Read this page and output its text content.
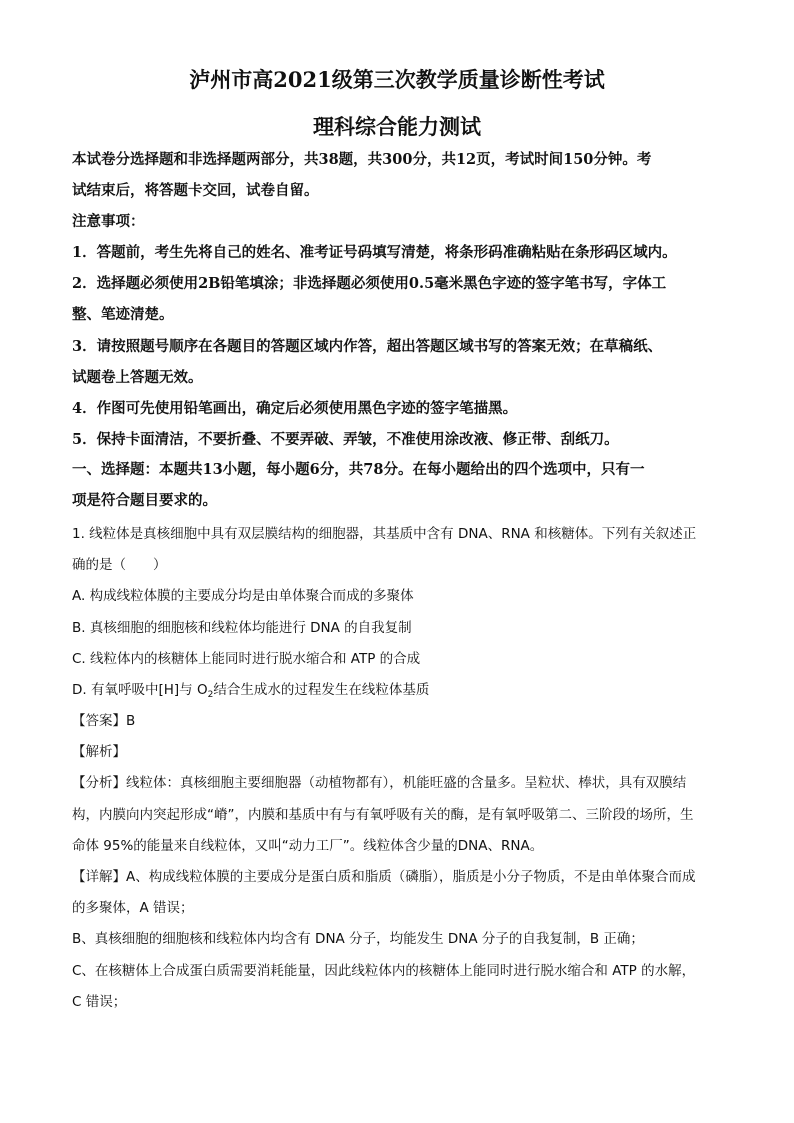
泸州市高2021级第三次教学质量诊断性考试
理科综合能力测试
本试卷分选择题和非选择题两部分，共38题，共300分，共12页，考试时间150分钟。考
试结束后，将答题卡交回，试卷自留。
注意事项：
1．答题前，考生先将自己的姓名、准考证号码填写清楚，将条形码准确粘贴在条形码区域内。
2．选择题必须使用2B铅笔填涂；非选择题必须使用0.5毫米黑色字迹的签字笔书写，字体工
整、笔迹清楚。
3．请按照题号顺序在各题目的答题区域内作答，超出答题区域书写的答案无效；在草稿纸、
试题卷上答题无效。
4．作图可先使用铅笔画出，确定后必须使用黑色字迹的签字笔描黑。
5．保持卡面清洁，不要折叠、不要弄破、弄皱，不准使用涂改液、修正带、刮纸刀。
一、选择题：本题共13小题，每小题6分，共78分。在每小题给出的四个选项中，只有一
项是符合题目要求的。
1. 线粒体是真核细胞中具有双层膜结构的细胞器，其基质中含有 DNA、RNA 和核糖体。下列有关叙述正
确的是（　　）
A. 构成线粒体膜的主要成分均是由单体聚合而成的多聚体
B. 真核细胞的细胞核和线粒体均能进行 DNA 的自我复制
C. 线粒体内的核糖体上能同时进行脱水缩合和 ATP 的合成
D. 有氧呼吸中[H]与 $O_2$结合生成水的过程发生在线粒体基质
【答案】B
【解析】
【分析】线粒体：真核细胞主要细胞器（动植物都有），机能旺盛的含量多。呈粒状、棒状，具有双膜结
构，内膜向内突起形成“嵴”，内膜和基质中有与有氧呼吸有关的酶，是有氧呼吸第二、三阶段的场所，生
命体 95%的能量来自线粒体，又叫“动力工厂”。线粒体含少量的DNA、RNA。
【详解】A、构成线粒体膜的主要成分是蛋白质和脂质（磷脂），脂质是小分子物质，不是由单体聚合而成
的多聚体，A 错误；
B、真核细胞的细胞核和线粒体内均含有 DNA 分子，均能发生 DNA 分子的自我复制，B 正确；
C、在核糖体上合成蛋白质需要消耗能量，因此线粒体内的核糖体上能同时进行脱水缩合和 ATP 的水解，
C 错误；
